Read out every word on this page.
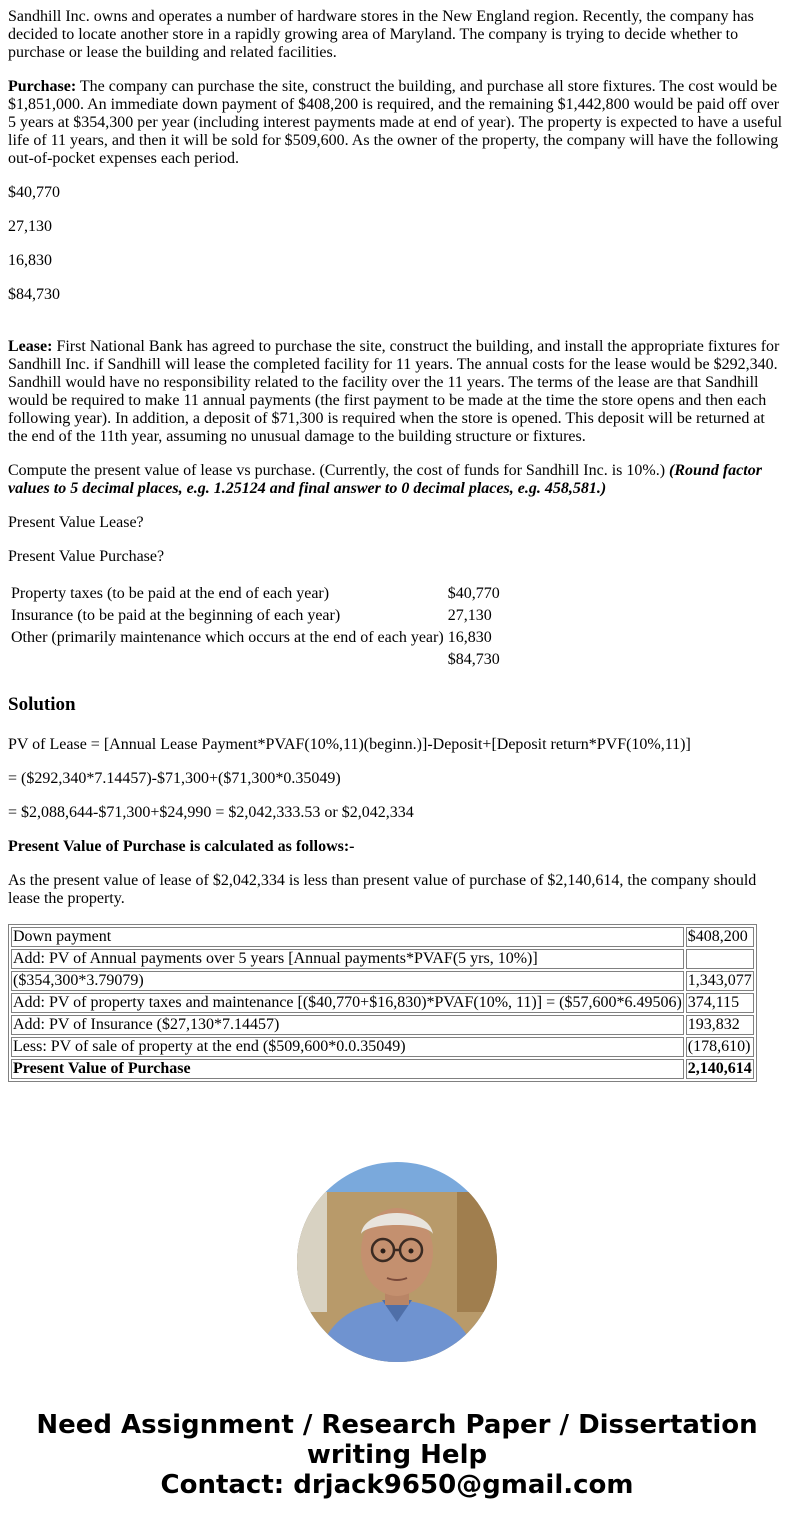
Sandhill Inc. owns and operates a number of hardware stores in the New England region. Recently, the company has decided to locate another store in a rapidly growing area of Maryland. The company is trying to decide whether to purchase or lease the building and related facilities.

Purchase: The company can purchase the site, construct the building, and purchase all store fixtures. The cost would be $1,851,000. An immediate down payment of $408,200 is required, and the remaining $1,442,800 would be paid off over 5 years at $354,300 per year (including interest payments made at end of year). The property is expected to have a useful life of 11 years, and then it will be sold for $509,600. As the owner of the property, the company will have the following out-of-pocket expenses each period.

$40,770
27,130
16,830
$84,730

Lease: First National Bank has agreed to purchase the site, construct the building, and install the appropriate fixtures for Sandhill Inc. if Sandhill will lease the completed facility for 11 years. The annual costs for the lease would be $292,340. Sandhill would have no responsibility related to the facility over the 11 years. The terms of the lease are that Sandhill would be required to make 11 annual payments (the first payment to be made at the time the store opens and then each following year). In addition, a deposit of $71,300 is required when the store is opened. This deposit will be returned at the end of the 11th year, assuming no unusual damage to the building structure or fixtures.

Compute the present value of lease vs purchase. (Currently, the cost of funds for Sandhill Inc. is 10%.) (Round factor values to 5 decimal places, e.g. 1.25124 and final answer to 0 decimal places, e.g. 458,581.)

Present Value Lease?

Present Value Purchase?

Property taxes (to be paid at the end of each year)	$40,770
Insurance (to be paid at the beginning of each year)	27,130
Other (primarily maintenance which occurs at the end of each year)	16,830
	$84,730
Solution

PV of Lease = [Annual Lease Payment*PVAF(10%,11)(beginn.)]-Deposit+[Deposit return*PVF(10%,11)]

= ($292,340*7.14457)-$71,300+($71,300*0.35049)

= $2,088,644-$71,300+$24,990 = $2,042,333.53 or $2,042,334

Present Value of Purchase is calculated as follows:-

As the present value of lease of $2,042,334 is less than present value of purchase of $2,140,614, the company should lease the property.

Down payment	$408,200
Add: PV of Annual payments over 5 years [Annual payments*PVAF(5 yrs, 10%)]	
($354,300*3.79079)	1,343,077
Add: PV of property taxes and maintenance [($40,770+$16,830)*PVAF(10%, 11)] = ($57,600*6.49506)	374,115
Add: PV of Insurance ($27,130*7.14457)	193,832
Less: PV of sale of property at the end ($509,600*0.0.35049)	(178,610)
Present Value of Purchase	2,140,614
Need Assignment / Research Paper / Dissertation writing Help
Contact: drjack9650@gmail.com
